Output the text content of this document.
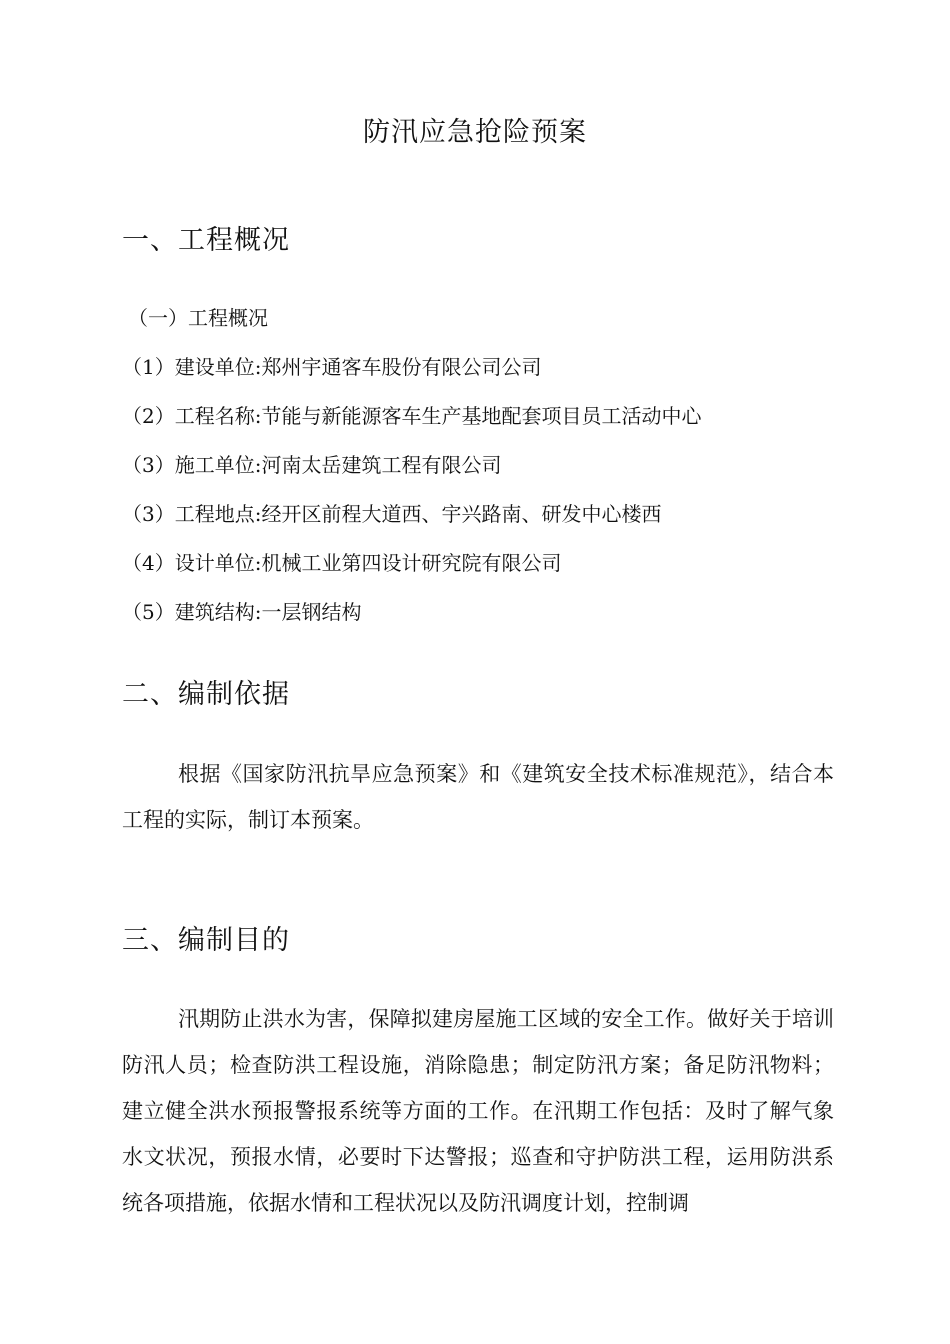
防汛应急抢险预案
一、工程概况

（一）工程概况

（1）建设单位:郑州宇通客车股份有限公司公司

（2）工程名称:节能与新能源客车生产基地配套项目员工活动中心

（3）施工单位:河南太岳建筑工程有限公司

（3）工程地点:经开区前程大道西、宇兴路南、研发中心楼西

（4）设计单位:机械工业第四设计研究院有限公司

（5）建筑结构:一层钢结构

二、编制依据

根据《国家防汛抗旱应急预案》和《建筑安全技术标准规范》，结合本工程的实际，制订本预案。

三、编制目的

汛期防止洪水为害，保障拟建房屋施工区域的安全工作。做好关于培训防汛人员；检查防洪工程设施，消除隐患；制定防汛方案；备足防汛物料；建立健全洪水预报警报系统等方面的工作。在汛期工作包括：及时了解气象水文状况，预报水情，必要时下达警报；巡查和守护防洪工程，运用防洪系统各项措施，依据水情和工程状况以及防汛调度计划，控制调
